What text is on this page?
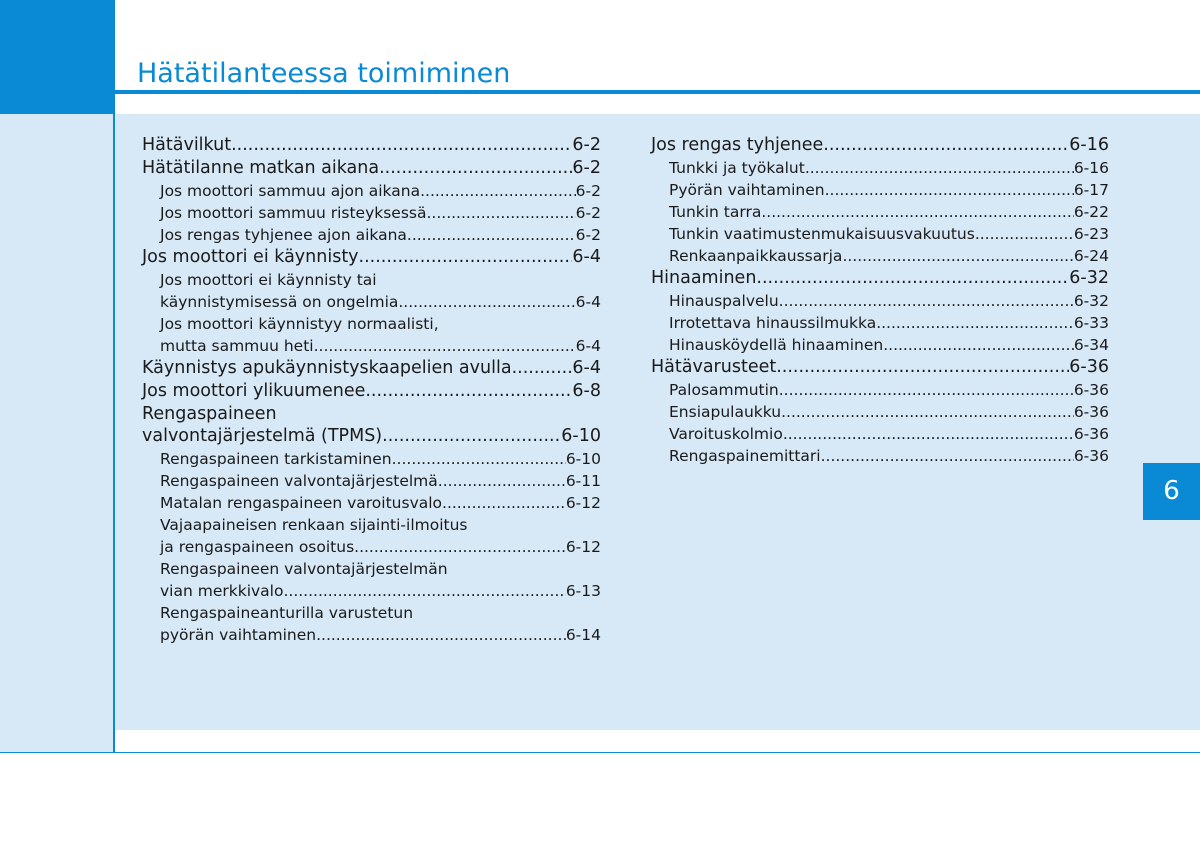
Hätätilanteessa toimiminen
Hätävilkut .....	6-2
Hätätilanne matkan aikana .....	6-2
Jos moottori sammuu ajon aikana .....	6-2
Jos moottori sammuu risteyksessä .....	6-2
Jos rengas tyhjenee ajon aikana .....	6-2
Jos moottori ei käynnisty .....	6-4
Jos moottori ei käynnisty tai
käynnistymisessä on ongelmia .....	6-4
Jos moottori käynnistyy normaalisti,
mutta sammuu heti .....	6-4
Käynnistys apukäynnistyskaapelien avulla .....	6-4
Jos moottori ylikuumenee .....	6-8
Rengaspaineen
valvontajärjestelmä (TPMS) .....	6-10
Rengaspaineen tarkistaminen .....	6-10
Rengaspaineen valvontajärjestelmä .....	6-11
Matalan rengaspaineen varoitusvalo .....	6-12
Vajaapaineisen renkaan sijainti-ilmoitus
ja rengaspaineen osoitus .....	6-12
Rengaspaineen valvontajärjestelmän
vian merkkivalo .....	6-13
Rengaspaineanturilla varustetun
pyörän vaihtaminen .....	6-14
Jos rengas tyhjenee .....	6-16
Tunkki ja työkalut .....	6-16
Pyörän vaihtaminen .....	6-17
Tunkin tarra .....	6-22
Tunkin vaatimustenmukaisuusvakuutus .....	6-23
Renkaanpaikkaussarja .....	6-24
Hinaaminen .....	6-32
Hinauspalvelu .....	6-32
Irrotettava hinaussilmukka .....	6-33
Hinausköydellä hinaaminen .....	6-34
Hätävarusteet .....	6-36
Palosammutin .....	6-36
Ensiapulaukku .....	6-36
Varoituskolmio .....	6-36
Rengaspainemittari .....	6-36
6
